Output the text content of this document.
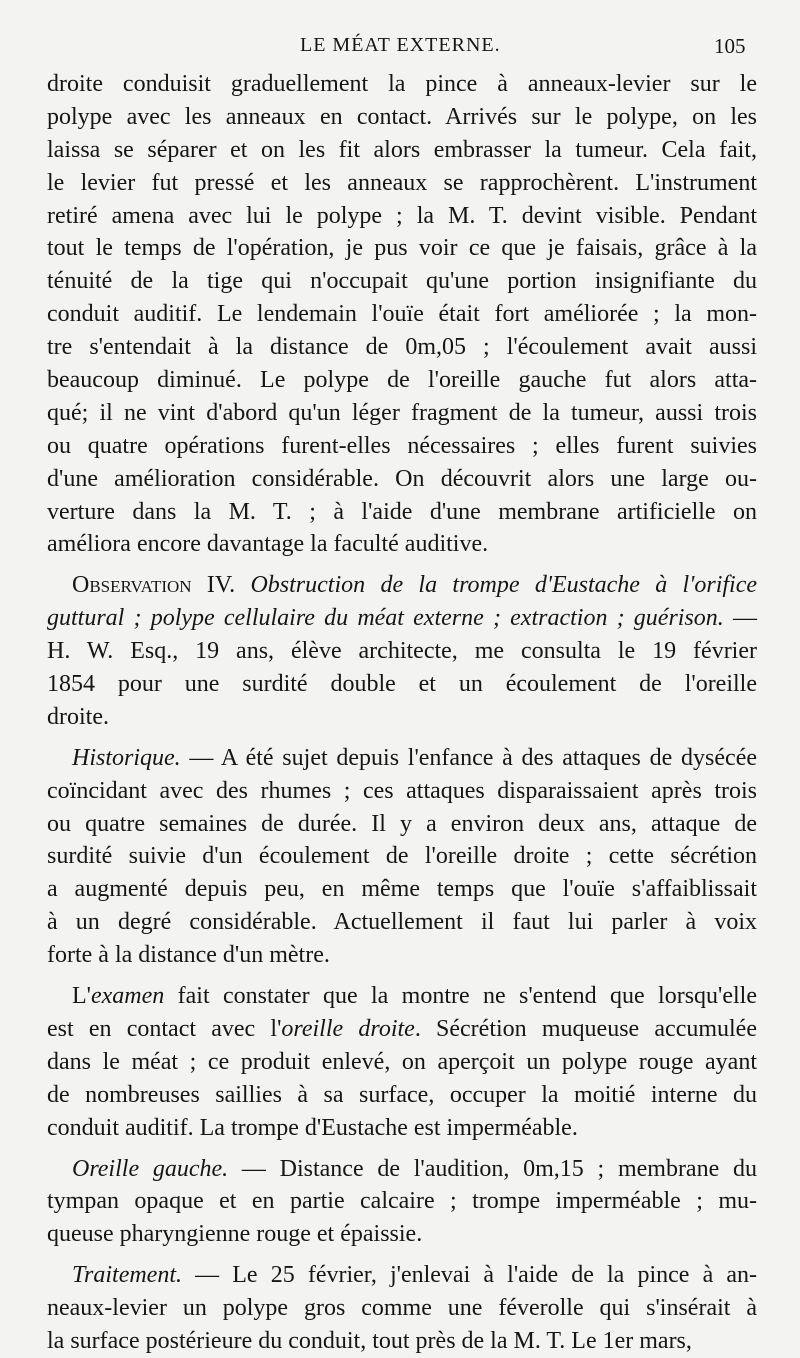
LE MÉAT EXTERNE.	105

droite conduisit graduellement la pince à anneaux-levier sur le
polype avec les anneaux en contact. Arrivés sur le polype, on les
laissa se séparer et on les fit alors embrasser la tumeur. Cela fait,
le levier fut pressé et les anneaux se rapprochèrent. L'instrument
retiré amena avec lui le polype ; la M. T. devint visible. Pendant
tout le temps de l'opération, je pus voir ce que je faisais, grâce à la
ténuité de la tige qui n'occupait qu'une portion insignifiante du
conduit auditif. Le lendemain l'ouïe était fort améliorée ; la mon-
tre s'entendait à la distance de 0m,05 ; l'écoulement avait aussi
beaucoup diminué. Le polype de l'oreille gauche fut alors atta-
qué; il ne vint d'abord qu'un léger fragment de la tumeur, aussi trois
ou quatre opérations furent-elles nécessaires ; elles furent suivies
d'une amélioration considérable. On découvrit alors une large ou-
verture dans la M. T. ; à l'aide d'une membrane artificielle on
améliora encore davantage la faculté auditive.

Observation IV. Obstruction de la trompe d'Eustache à l'orifice
guttural ; polype cellulaire du méat externe ; extraction ; guérison. —
H. W. Esq., 19 ans, élève architecte, me consulta le 19 février
1854 pour une surdité double et un écoulement de l'oreille
droite.

Historique. — A été sujet depuis l'enfance à des attaques de dysécée
coïncidant avec des rhumes ; ces attaques disparaissaient après trois
ou quatre semaines de durée. Il y a environ deux ans, attaque de
surdité suivie d'un écoulement de l'oreille droite ; cette sécrétion
a augmenté depuis peu, en même temps que l'ouïe s'affaiblissait
à un degré considérable. Actuellement il faut lui parler à voix
forte à la distance d'un mètre.

L'examen fait constater que la montre ne s'entend que lorsqu'elle
est en contact avec l'oreille droite. Sécrétion muqueuse accumulée
dans le méat ; ce produit enlevé, on aperçoit un polype rouge ayant
de nombreuses saillies à sa surface, occuper la moitié interne du
conduit auditif. La trompe d'Eustache est imperméable.

Oreille gauche. — Distance de l'audition, 0m,15 ; membrane du
tympan opaque et en partie calcaire ; trompe imperméable ; mu-
queuse pharyngienne rouge et épaissie.

Traitement. — Le 25 février, j'enlevai à l'aide de la pince à an-
neaux-levier un polype gros comme une féverolle qui s'insérait à
la surface postérieure du conduit, tout près de la M. T. Le 1er mars,
